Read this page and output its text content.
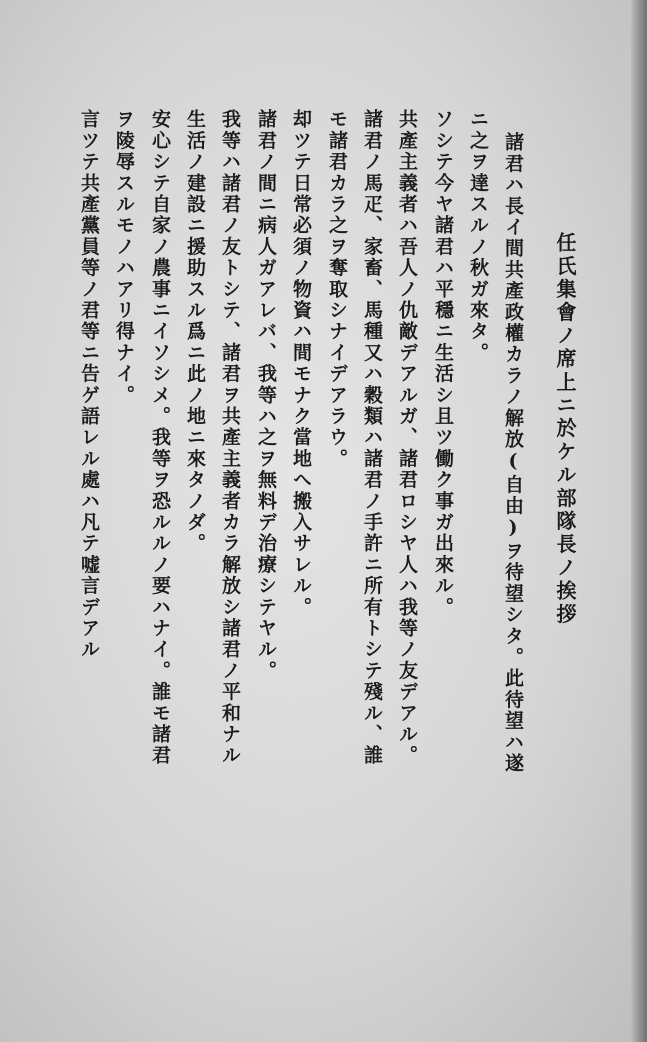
任氏集會ノ席上ニ於ケル部隊長ノ挨拶
諸君ハ長イ間共產政權カラノ解放(自由)ヲ待望シタ。此待望ハ遂
ニ之ヲ達スルノ秋ガ來タ。
ソシテ今ヤ諸君ハ平穩ニ生活シ且ツ働ク事ガ出來ル。
共產主義者ハ吾人ノ仇敵デアルガ、諸君ロシヤ人ハ我等ノ友デアル。
諸君ノ馬疋、家畜、馬種又ハ穀類ハ諸君ノ手許ニ所有トシテ殘ル、誰
モ諸君カラ之ヲ奪取シナイデアラウ。
却ツテ日常必須ノ物資ハ間モナク當地へ搬入サレル。
諸君ノ間ニ病人ガアレバ、我等ハ之ヲ無料デ治療シテヤル。
我等ハ諸君ノ友トシテ、諸君ヲ共產主義者カラ解放シ諸君ノ平和ナル
生活ノ建設ニ援助スル爲ニ此ノ地ニ來タノダ。
安心シテ自家ノ農事ニイソシメ。我等ヲ恐ルルノ要ハナイ。誰モ諸君
ヲ陵辱スルモノハアリ得ナイ。
言ツテ共產黨員等ノ君等ニ告ゲ語レル處ハ凡テ嘘言デアル
